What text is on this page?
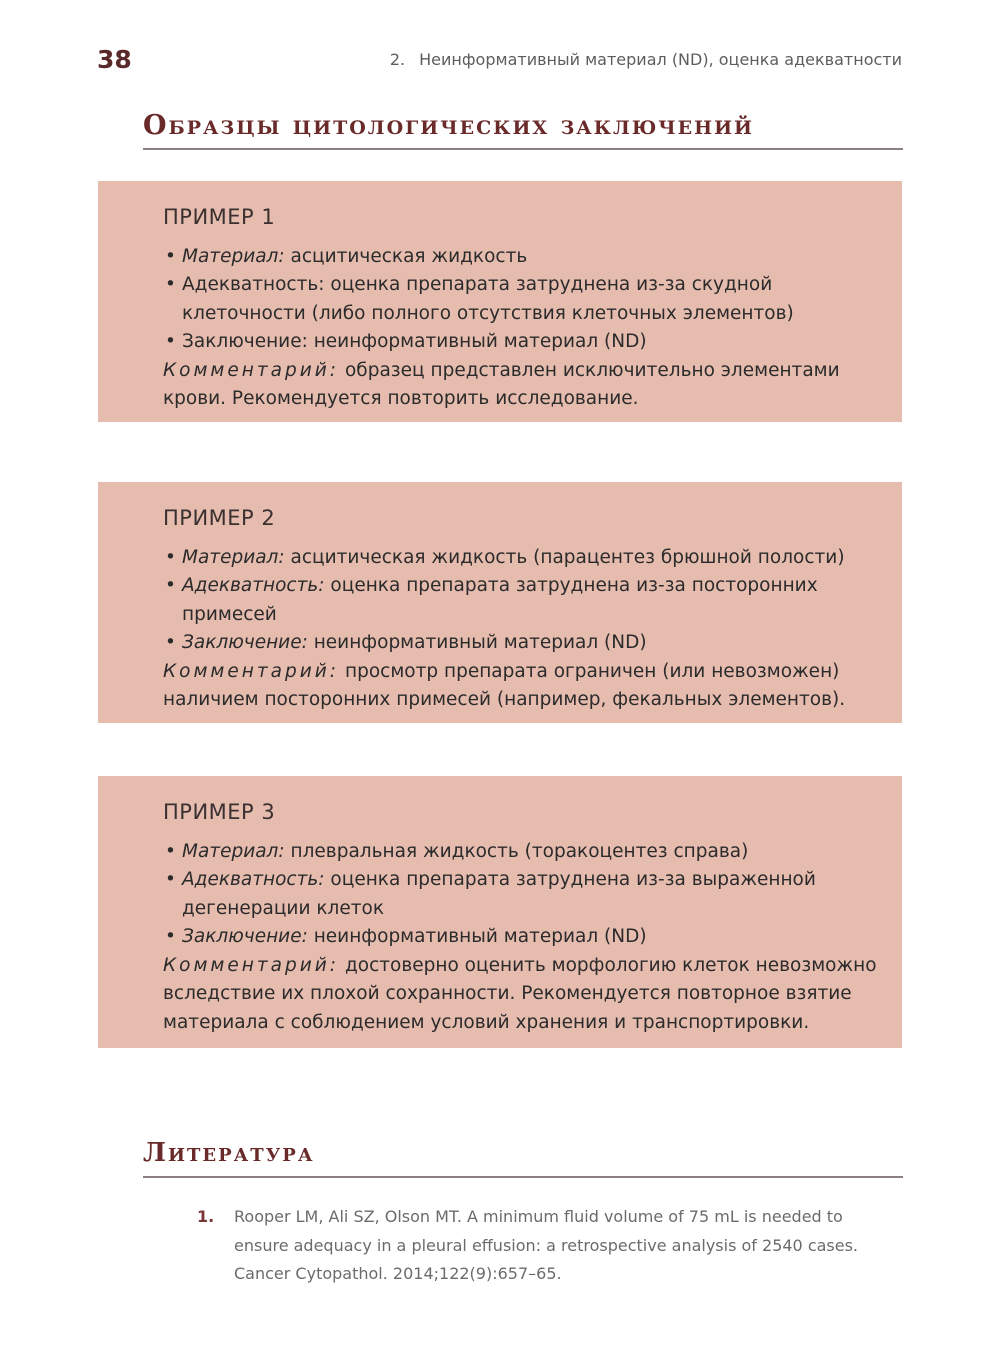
38	2. Неинформативный материал (ND), оценка адекватности
Образцы цитологических заключений
ПРИМЕР 1
• Материал: асцитическая жидкость
• Адекватность: оценка препарата затруднена из-за скудной клеточности (либо полного отсутствия клеточных элементов)
• Заключение: неинформативный материал (ND)
Комментарий: образец представлен исключительно элементами крови. Рекомендуется повторить исследование.
ПРИМЕР 2
• Материал: асцитическая жидкость (парацентез брюшной полости)
• Адекватность: оценка препарата затруднена из-за посторонних примесей
• Заключение: неинформативный материал (ND)
Комментарий: просмотр препарата ограничен (или невозможен) наличием посторонних примесей (например, фекальных элементов).
ПРИМЕР 3
• Материал: плевральная жидкость (торакоцентез справа)
• Адекватность: оценка препарата затруднена из-за выраженной дегенерации клеток
• Заключение: неинформативный материал (ND)
Комментарий: достоверно оценить морфологию клеток невозможно вследствие их плохой сохранности. Рекомендуется повторное взятие материала с соблюдением условий хранения и транспортировки.
Литература
1. Rooper LM, Ali SZ, Olson MT. A minimum fluid volume of 75 mL is needed to ensure adequacy in a pleural effusion: a retrospective analysis of 2540 cases. Cancer Cytopathol. 2014;122(9):657–65.
